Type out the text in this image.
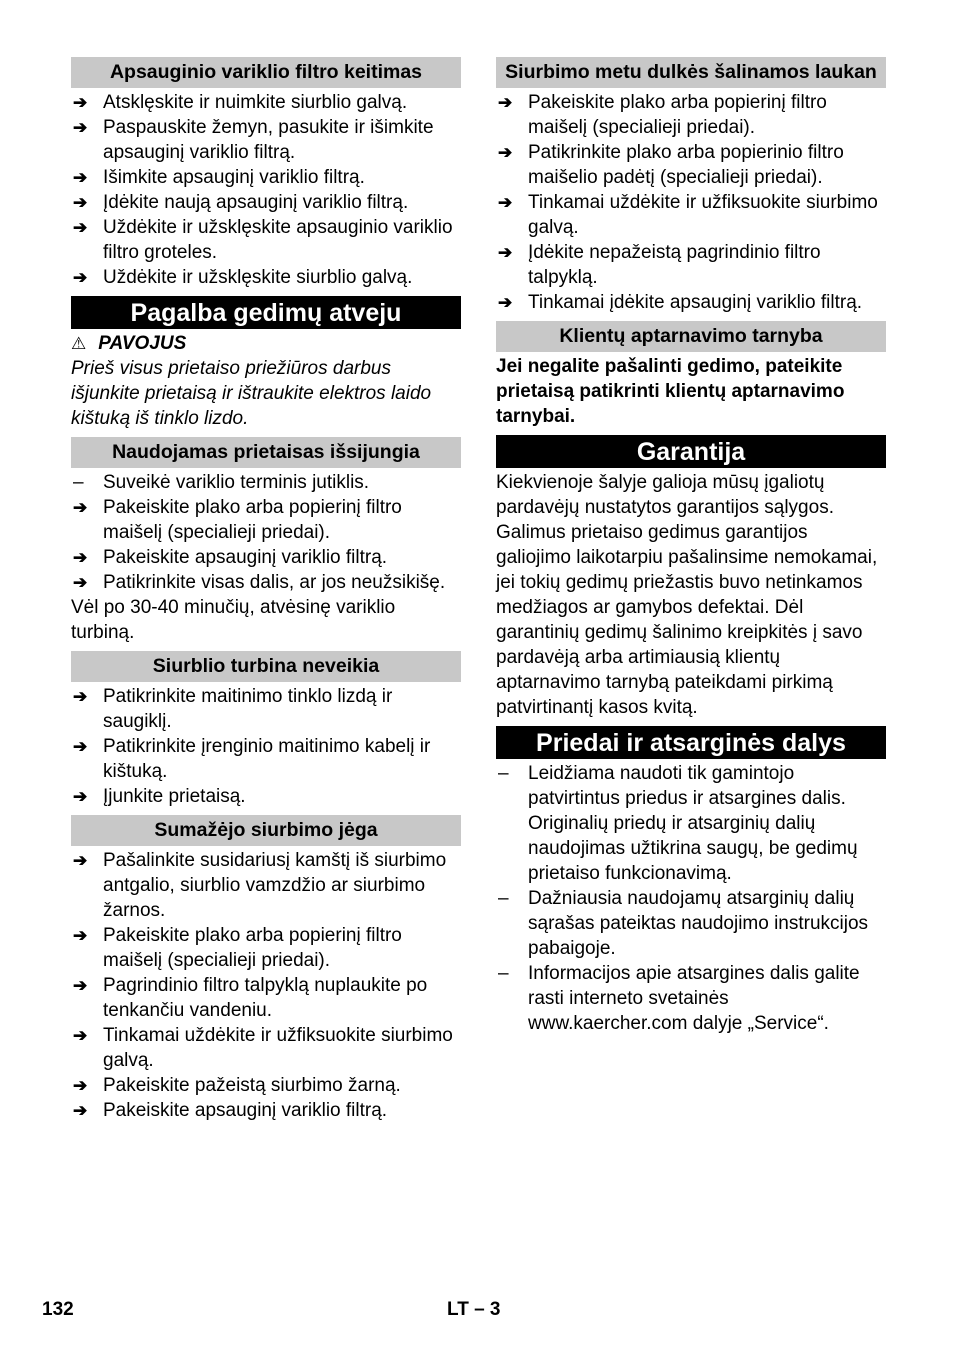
Apsauginio variklio filtro keitimas
➔ Atsklęskite ir nuimkite siurblio galvą.
➔ Paspauskite žemyn, pasukite ir išimkite apsauginį variklio filtrą.
➔ Išimkite apsauginį variklio filtrą.
➔ Įdėkite naują apsauginį variklio filtrą.
➔ Uždėkite ir užsklęskite apsauginio variklio filtro groteles.
➔ Uždėkite ir užsklęskite siurblio galvą.
Pagalba gedimų atveju
⚠ PAVOJUS
Prieš visus prietaiso priežiūros darbus išjunkite prietaisą ir ištraukite elektros laido kištuką iš tinklo lizdo.
Naudojamas prietaisas išsijungia
–	Suveikė variklio terminis jutiklis.
➔ Pakeiskite plako arba popierinį filtro maišelį (specialieji priedai).
➔ Pakeiskite apsauginį variklio filtrą.
➔ Patikrinkite visas dalis, ar jos neužsikišę.

Vėl po 30-40 minučių, atvėsinę variklio turbiną.

Siurblio turbina neveikia
➔ Patikrinkite maitinimo tinklo lizdą ir saugiklį.
➔ Patikrinkite įrenginio maitinimo kabelį ir kištuką.
➔ Įjunkite prietaisą.
Sumažėjo siurbimo jėga
➔ Pašalinkite susidariusį kamštį iš siurbimo antgalio, siurblio vamzdžio ar siurbimo žarnos.
➔ Pakeiskite plako arba popierinį filtro maišelį (specialieji priedai).
➔ Pagrindinio filtro talpyklą nuplaukite po tenkančiu vandeniu.
➔ Tinkamai uždėkite ir užfiksuokite siurbimo galvą.
➔ Pakeiskite pažeistą siurbimo žarną.
➔ Pakeiskite apsauginį variklio filtrą.
Siurbimo metu dulkės šalinamos laukan
➔ Pakeiskite plako arba popierinį filtro maišelį (specialieji priedai).
➔ Patikrinkite plako arba popierinio filtro maišelio padėtį (specialieji priedai).
➔ Tinkamai uždėkite ir užfiksuokite siurbimo galvą.
➔ Įdėkite nepažeistą pagrindinio filtro talpyklą.
➔ Tinkamai įdėkite apsauginį variklio filtrą.
Klientų aptarnavimo tarnyba

Jei negalite pašalinti gedimo, pateikite prietaisą patikrinti klientų aptarnavimo tarnybai.

Garantija

Kiekvienoje šalyje galioja mūsų įgaliotų pardavėjų nustatytos garantijos sąlygos. Galimus prietaiso gedimus garantijos galiojimo laikotarpiu pašalinsime nemokamai, jei tokių gedimų priežastis buvo netinkamos medžiagos ar gamybos defektai. Dėl garantinių gedimų šalinimo kreipkitės į savo pardavėją arba artimiausią klientų aptarnavimo tarnybą pateikdami pirkimą patvirtinantį kasos kvitą.

Priedai ir atsarginės dalys
–	Leidžiama naudoti tik gamintojo patvirtintus priedus ir atsargines dalis. Originalių priedų ir atsarginių dalių naudojimas užtikrina saugų, be gedimų prietaiso funkcionavimą.
–	Dažniausia naudojamų atsarginių dalių sąrašas pateiktas naudojimo instrukcijos pabaigoje.
–	Informacijos apie atsargines dalis galite rasti interneto svetainės www.kaercher.com dalyje „Service“.
132	LT – 3
